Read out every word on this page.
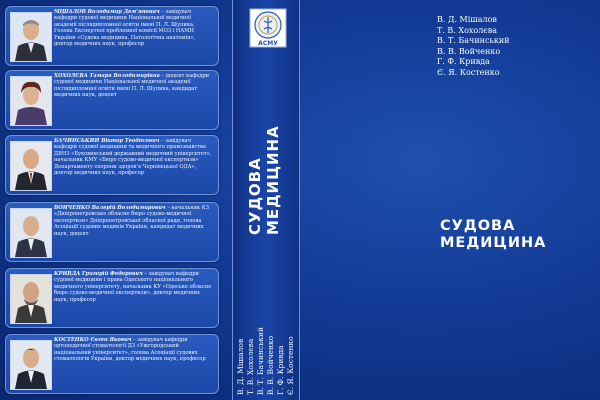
МІШАЛОВ Володимир Дем'янович – завідувач кафедри судової медицини Національної медичної академії післядипломної освіти імені П. Л. Шупика, Голова Експертної проблемної комісії МОЗ і НАМН України «Судова медицина. Патологічна анатомія», доктор медичних наук, професор
ХОХОЛЄВА Тамара Володимирівна – доцент кафедри судової медицини Національної медичної академії післядипломної освіти імені П. Л. Шупика, кандидат медичних наук, доцент
БАЧИНСЬКИЙ Віктор Теодосович – завідувач кафедри судової медицини та медичного правознавства ДВНЗ «Буковинський державний медичний університет», начальник КМУ «Бюро судово-медичної експертизи» Департаменту охорони здоров'я Чернівецької ОДА», доктор медичних наук, професор
ВОЙЧЕНКО Валерій Володимирович – начальник КЗ «Дніпропетровське обласне бюро судово-медичної експертизи» Дніпропетровської обласної ради, голова Асоціації судових медиків України, кандидат медичних наук, доцент
КРИВДА Григорій Федорович – завідувач кафедри судової медицини і права Одеського національного медичного університету, начальник КУ «Одеське обласне бюро судово-медичної експертизи», доктор медичних наук, професор
КОСТЕНКО Євген Якович – завідувач кафедри ортопедичної стоматології ДЗ «Ужгородський національний університет», голова Асоціації судових стоматологів України, доктор медичних наук, професор
АСМУ
СУДОВА МЕДИЦИНА
В. Д. Мішалов Т. В. Хохолєва В. Т. Бачинський В. В. Войченко Г. Ф. Кривда Є. Я. Костенко
В. Д. Мішалов
Т. В. Хохолєва
В. Т. Бачинський
В. В. Войченко
Г. Ф. Кривда
Є. Я. Костенко
СУДОВА
МЕДИЦИНА
